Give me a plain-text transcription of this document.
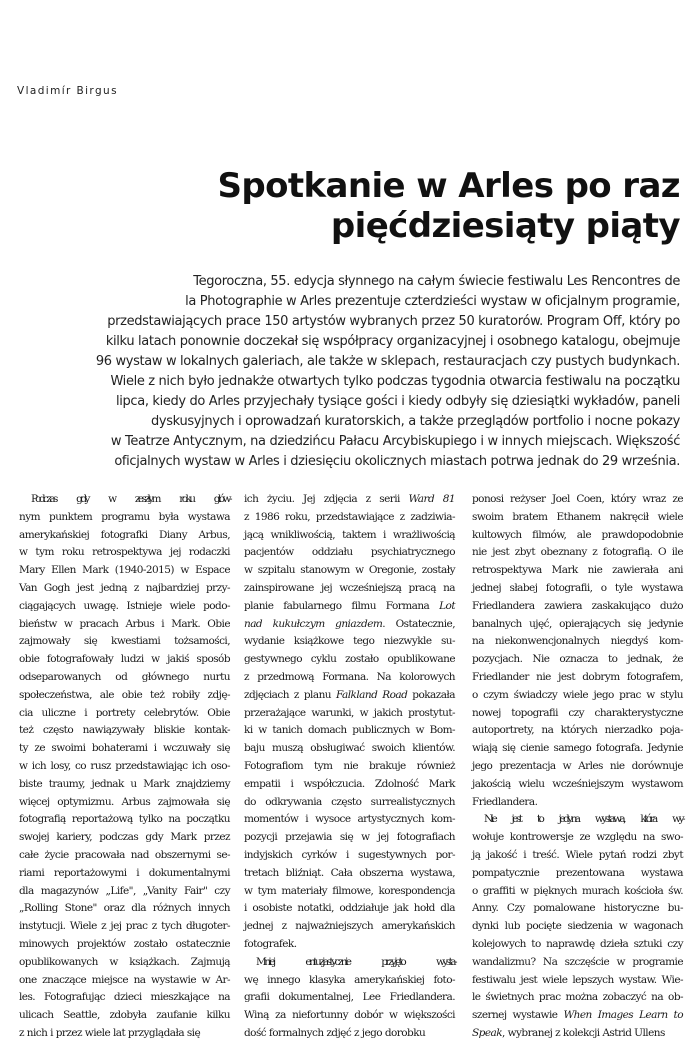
Vladimír Birgus
Spotkanie w Arles po raz
pięćdziesiąty piąty

Tegoroczna, 55. edycja słynnego na całym świecie festiwalu Les Rencontres de
la Photographie w Arles prezentuje czterdzieści wystaw w oficjalnym programie,
przedstawiających prace 150 artystów wybranych przez 50 kuratorów. Program Off, który po
kilku latach ponownie doczekał się współpracy organizacyjnej i osobnego katalogu, obejmuje
96 wystaw w lokalnych galeriach, ale także w sklepach, restauracjach czy pustych budynkach.
Wiele z nich było jednakże otwartych tylko podczas tygodnia otwarcia festiwalu na początku
lipca, kiedy do Arles przyjechały tysiące gości i kiedy odbyły się dziesiątki wykładów, paneli
dyskusyjnych i oprowadzań kuratorskich, a także przeglądów portfolio i nocne pokazy
w Teatrze Antycznym, na dziedzińcu Pałacu Arcybiskupiego i w innych miejscach. Większość
oficjalnych wystaw w Arles i dziesięciu okolicznych miastach potrwa jednak do 29 września.

Podczas gdy w zeszłym roku głów-
nym punktem programu była wystawa
amerykańskiej fotografki Diany Arbus,
w tym roku retrospektywa jej rodaczki
Mary Ellen Mark (1940-2015) w Espace
Van Gogh jest jedną z najbardziej przy-
ciągających uwagę. Istnieje wiele podo-
bieństw w pracach Arbus i Mark. Obie
zajmowały się kwestiami tożsamości,
obie fotografowały ludzi w jakiś sposób
odseparowanych od głównego nurtu
społeczeństwa, ale obie też robiły zdję-
cia uliczne i portrety celebrytów. Obie
też często nawiązywały bliskie kontak-
ty ze swoimi bohaterami i wczuwały się
w ich losy, co rusz przedstawiając ich oso-
biste traumy, jednak u Mark znajdziemy
więcej optymizmu. Arbus zajmowała się
fotografią reportażową tylko na początku
swojej kariery, podczas gdy Mark przez
całe życie pracowała nad obszernymi se-
riami reportażowymi i dokumentalnymi
dla magazynów „Life", „Vanity Fair" czy
„Rolling Stone" oraz dla różnych innych
instytucji. Wiele z jej prac z tych długoter-
minowych projektów zostało ostatecznie
opublikowanych w książkach. Zajmują
one znaczące miejsce na wystawie w Ar-
les. Fotografując dzieci mieszkające na
ulicach Seattle, zdobyła zaufanie kilku
z nich i przez wiele lat przyglądała się
ich życiu. Jej zdjęcia z serii Ward 81
z 1986 roku, przedstawiające z zadziwia-
jącą wnikliwością, taktem i wrażliwością
pacjentów oddziału psychiatrycznego
w szpitalu stanowym w Oregonie, zostały
zainspirowane jej wcześniejszą pracą na
planie fabularnego filmu Formana Lot
nad kukułczym gniazdem. Ostatecznie,
wydanie książkowe tego niezwykle su-
gestywnego cyklu zostało opublikowane
z przedmową Formana. Na kolorowych
zdjęciach z planu Falkland Road pokazała
przerażające warunki, w jakich prostytut-
ki w tanich domach publicznych w Bom-
baju muszą obsługiwać swoich klientów.
Fotografiom tym nie brakuje również
empatii i współczucia. Zdolność Mark
do odkrywania często surrealistycznych
momentów i wysoce artystycznych kom-
pozycji przejawia się w jej fotografiach
indyjskich cyrków i sugestywnych por-
tretach bliźniąt. Cała obszerna wystawa,
w tym materiały filmowe, korespondencja
i osobiste notatki, oddziałuje jak hołd dla
jednej z najważniejszych amerykańskich
fotografek.
Mniej entuzjastycznie przyjęto wysta-
wę innego klasyka amerykańskiej foto-
grafii dokumentalnej, Lee Friedlandera.
Winą za niefortunny dobór w większości
dość formalnych zdjęć z jego dorobku
ponosi reżyser Joel Coen, który wraz ze
swoim bratem Ethanem nakręcił wiele
kultowych filmów, ale prawdopodobnie
nie jest zbyt obeznany z fotografią. O ile
retrospektywa Mark nie zawierała ani
jednej słabej fotografii, o tyle wystawa
Friedlandera zawiera zaskakująco dużo
banalnych ujęć, opierających się jedynie
na niekonwencjonalnych niegdyś kom-
pozycjach. Nie oznacza to jednak, że
Friedlander nie jest dobrym fotografem,
o czym świadczy wiele jego prac w stylu
nowej topografii czy charakterystyczne
autoportrety, na których nierzadko poja-
wiają się cienie samego fotografa. Jedynie
jego prezentacja w Arles nie dorównuje
jakością wielu wcześniejszym wystawom
Friedlandera.
Nie jest to jedyna wystawa, która wy-
wołuje kontrowersje ze względu na swo-
ją jakość i treść. Wiele pytań rodzi zbyt
pompatycznie prezentowana wystawa
o graffiti w pięknych murach kościoła św.
Anny. Czy pomalowane historyczne bu-
dynki lub pocięte siedzenia w wagonach
kolejowych to naprawdę dzieła sztuki czy
wandalizmu? Na szczęście w programie
festiwalu jest wiele lepszych wystaw. Wie-
le świetnych prac można zobaczyć na ob-
szernej wystawie When Images Learn to
Speak, wybranej z kolekcji Astrid Ullens
